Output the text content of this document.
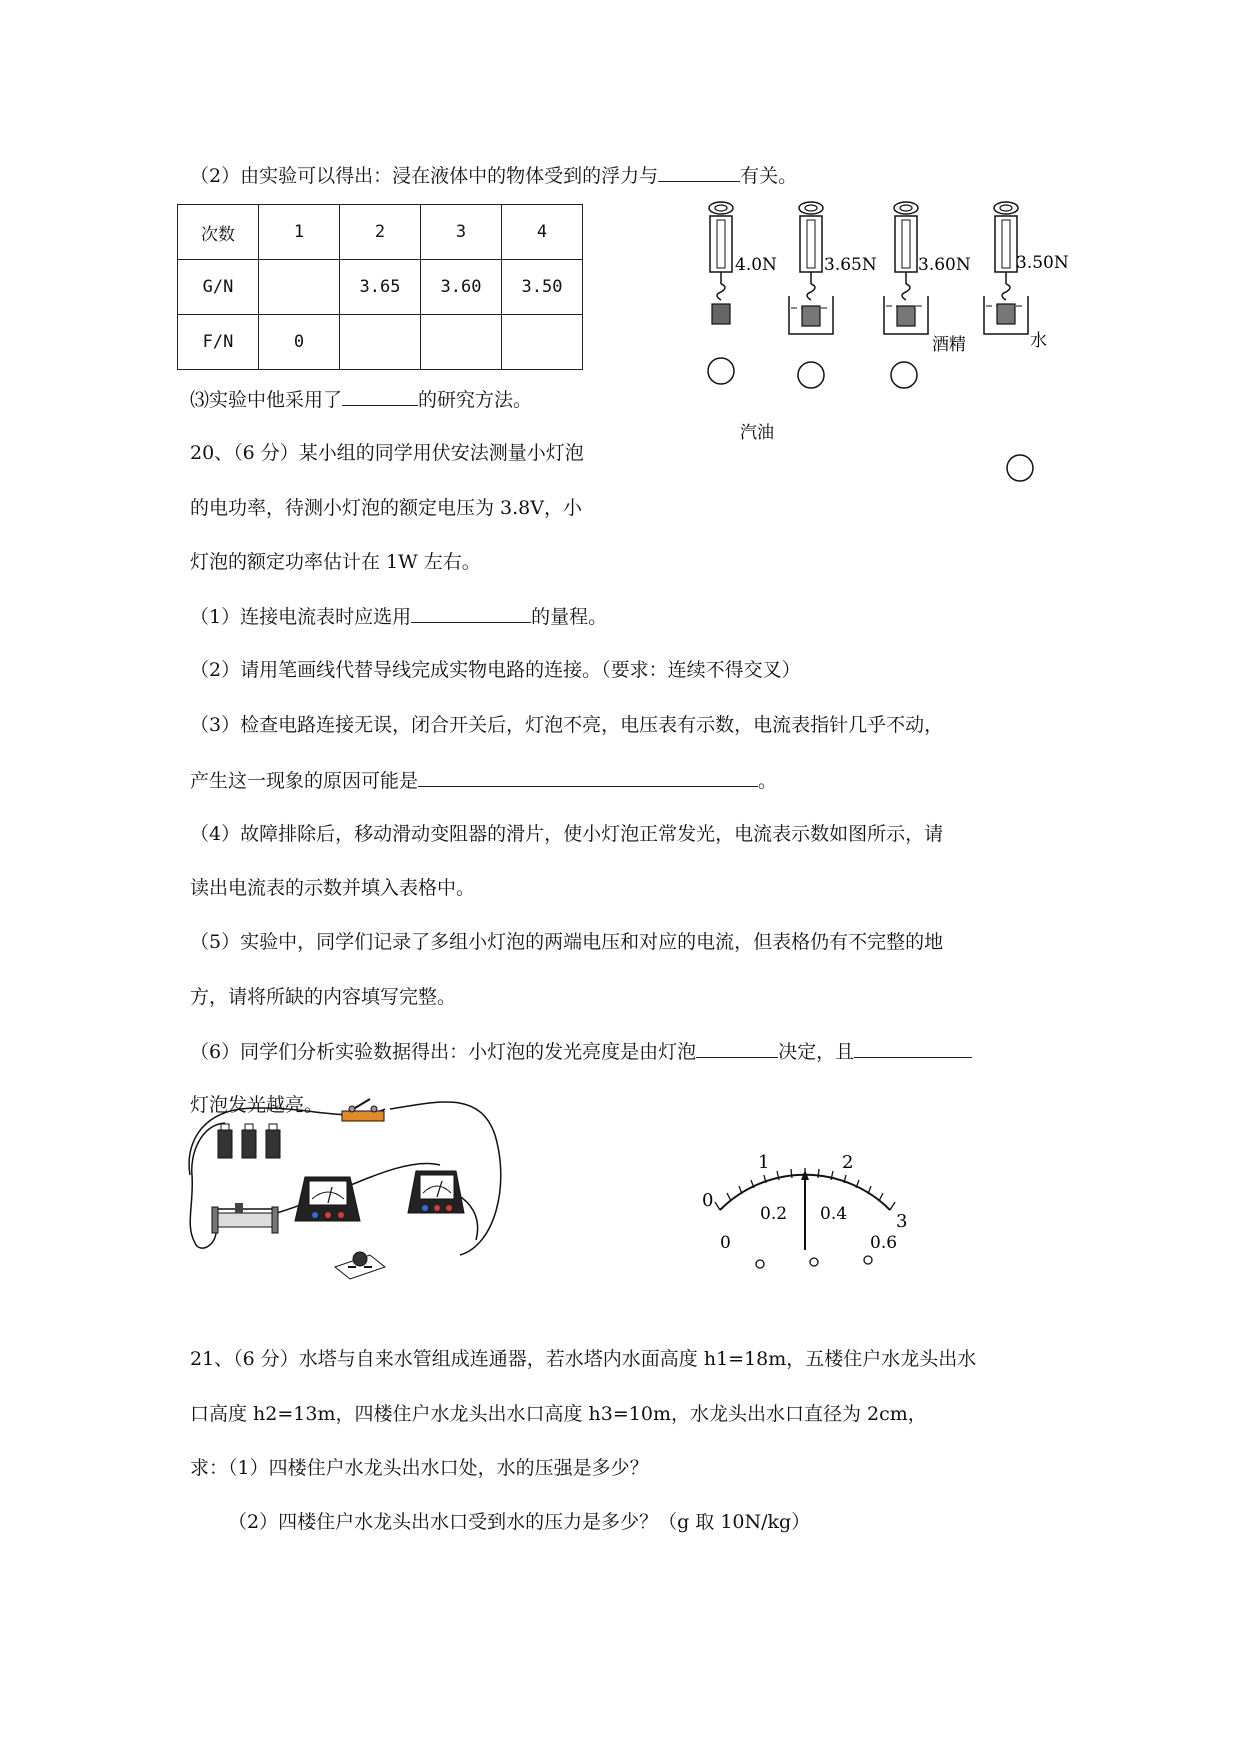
（2）由实验可以得出：浸在液体中的物体受到的浮力与	有关。
次数	1	2	3	4
G/N		3.65	3.60	3.50
F/N	0			
4.0N	3.65N
汽油
3.60N
酒精
3.50N
水
⑶实验中他采用了	的研究方法。
20、（6 分）某小组的同学用伏安法测量小灯泡
的电功率，待测小灯泡的额定电压为 3.8V，小
灯泡的额定功率估计在 1W 左右。
（1）连接电流表时应选用	的量程。
（2）请用笔画线代替导线完成实物电路的连接。（要求：连续不得交叉）
（3）检查电路连接无误，闭合开关后，灯泡不亮，电压表有示数，电流表指针几乎不动，
产生这一现象的原因可能是	。
（4）故障排除后，移动滑动变阻器的滑片，使小灯泡正常发光，电流表示数如图所示，请
读出电流表的示数并填入表格中。
（5）实验中，同学们记录了多组小灯泡的两端电压和对应的电流，但表格仍有不完整的地
方，请将所缺的内容填写完整。
（6）同学们分析实验数据得出：小灯泡的发光亮度是由灯泡	决定，且
灯泡发光越亮。
0
1	2
3
0
0.2 0.4
0.6
21、（6 分）水塔与自来水管组成连通器，若水塔内水面高度 h1=18m，五楼住户水龙头出水
口高度 h2=13m，四楼住户水龙头出水口高度 h3=10m，水龙头出水口直径为 2cm，
求：（1）四楼住户水龙头出水口处，水的压强是多少？
（2）四楼住户水龙头出水口受到水的压力是多少？（g 取 10N/kg）
